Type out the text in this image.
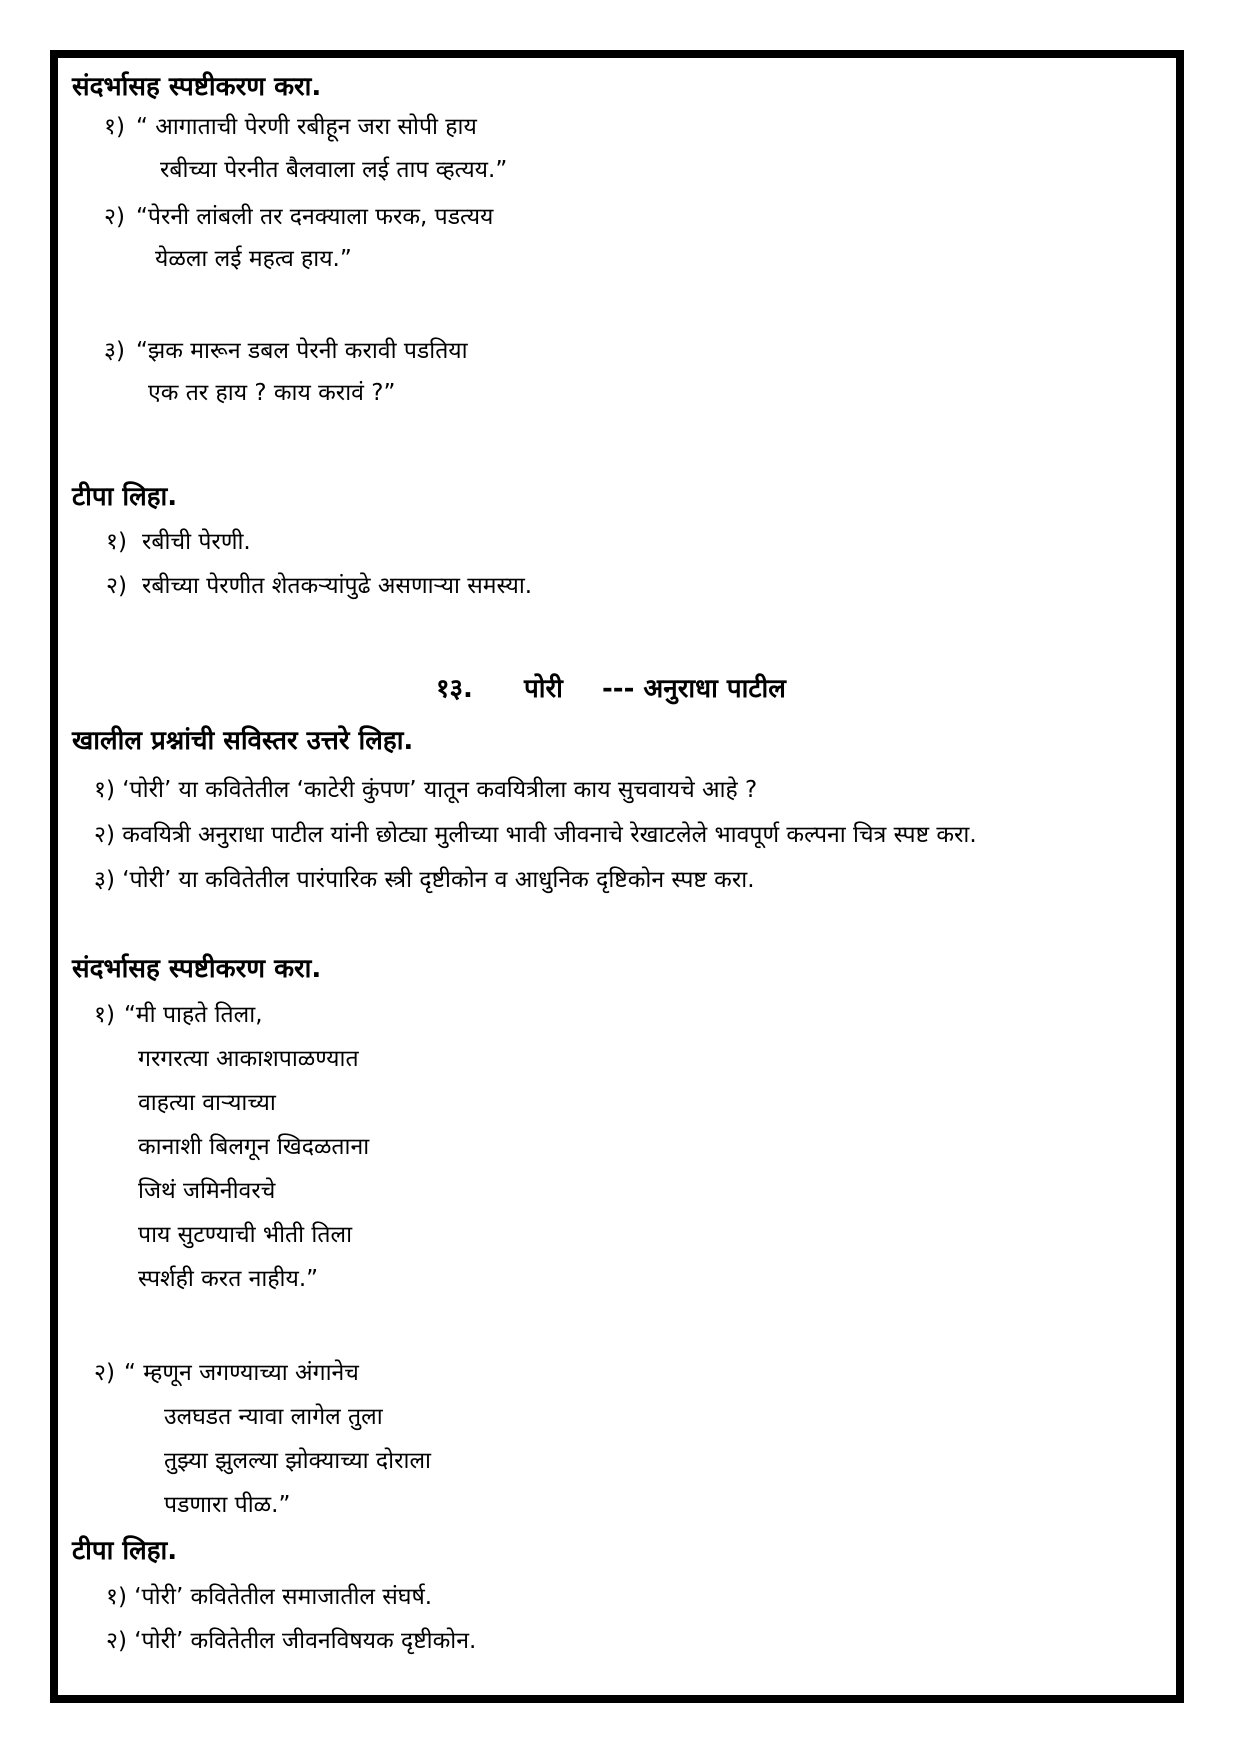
संदर्भासह स्पष्टीकरण करा.
१) “ आगाताची पेरणी रबीहून जरा सोपी हाय
रबीच्या पेरनीत बैलवाला लई ताप व्हत्यय.”
२) “पेरनी लांबली तर दनक्याला फरक, पडत्यय
येळला लई महत्व हाय.”
३) “झक मारून डबल पेरनी करावी पडतिया
एक तर हाय ? काय करावं ?”
टीपा लिहा.
१) रबीची पेरणी.
२) रबीच्या पेरणीत शेतकऱ्यांपुढे असणाऱ्या समस्या.
१३. पोरी --- अनुराधा पाटील
खालील प्रश्नांची सविस्तर उत्तरे लिहा.
१) ‘पोरी’ या कवितेतील ‘काटेरी कुंपण’ यातून कवयित्रीला काय सुचवायचे आहे ?
२) कवयित्री अनुराधा पाटील यांनी छोट्या मुलीच्या भावी जीवनाचे रेखाटलेले भावपूर्ण कल्पना चित्र स्पष्ट करा.
३) ‘पोरी’ या कवितेतील पारंपारिक स्त्री दृष्टीकोन व आधुनिक दृष्टिकोन स्पष्ट करा.
संदर्भासह स्पष्टीकरण करा.
१) “मी पाहते तिला,
गरगरत्या आकाशपाळण्यात
वाहत्या वाऱ्याच्या
कानाशी बिलगून खिदळताना
जिथं जमिनीवरचे
पाय सुटण्याची भीती तिला
स्पर्शही करत नाहीय.”
२) “ म्हणून जगण्याच्या अंगानेच
उलघडत न्यावा लागेल तुला
तुझ्या झुलल्या झोक्याच्या दोराला
पडणारा पीळ.”
टीपा लिहा.
१) ‘पोरी’ कवितेतील समाजातील संघर्ष.
२) ‘पोरी’ कवितेतील जीवनविषयक दृष्टीकोन.
